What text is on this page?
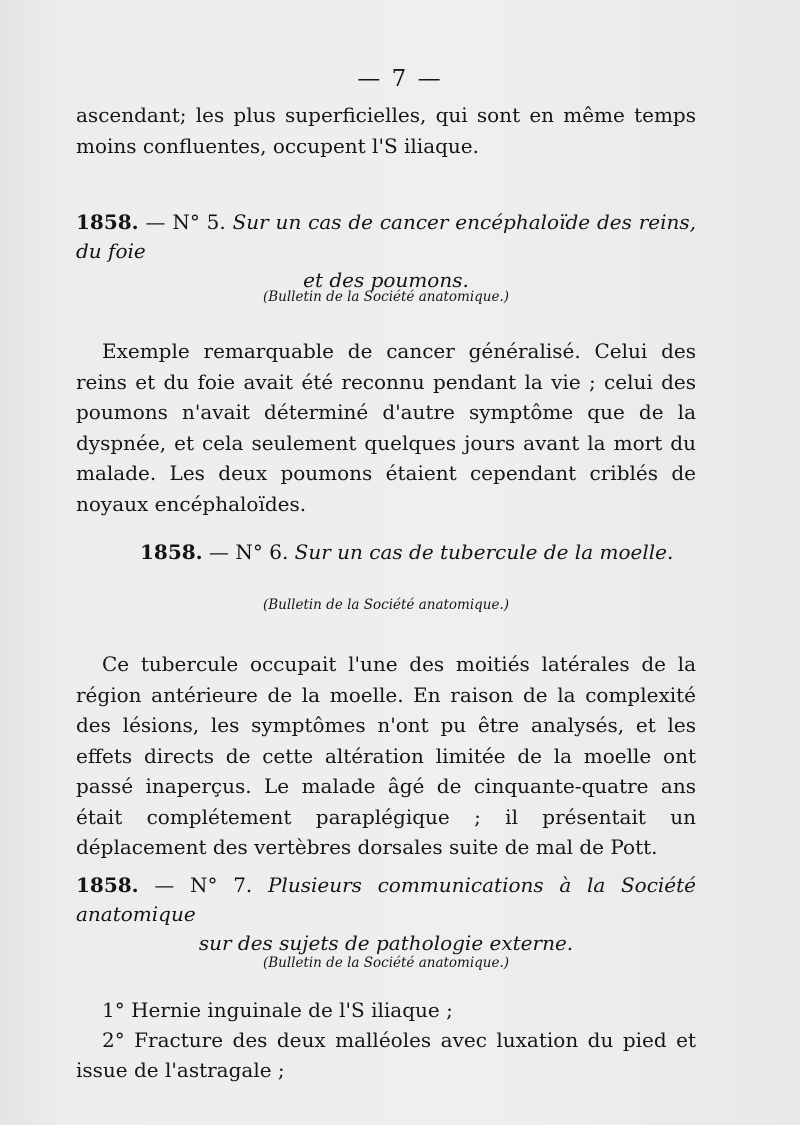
— 7 —

ascendant; les plus superficielles, qui sont en même temps moins confluentes, occupent l'S iliaque.

1858. — N° 5. Sur un cas de cancer encéphaloïde des reins, du foie

et des poumons.

(Bulletin de la Société anatomique.)

Exemple remarquable de cancer généralisé. Celui des reins et du foie avait été reconnu pendant la vie ; celui des poumons n'avait déterminé d'autre symptôme que de la dyspnée, et cela seulement quelques jours avant la mort du malade. Les deux poumons étaient cependant criblés de noyaux encéphaloïdes.

1858. — N° 6. Sur un cas de tubercule de la moelle.

(Bulletin de la Société anatomique.)

Ce tubercule occupait l'une des moitiés latérales de la région antérieure de la moelle. En raison de la complexité des lésions, les symptômes n'ont pu être analysés, et les effets directs de cette altération limitée de la moelle ont passé inaperçus. Le malade âgé de cinquante-quatre ans était complétement paraplégique ; il présentait un déplacement des vertèbres dorsales suite de mal de Pott.

1858. — N° 7. Plusieurs communications à la Société anatomique

sur des sujets de pathologie externe.

(Bulletin de la Société anatomique.)

1° Hernie inguinale de l'S iliaque ;

2° Fracture des deux malléoles avec luxation du pied et issue de l'astragale ;
